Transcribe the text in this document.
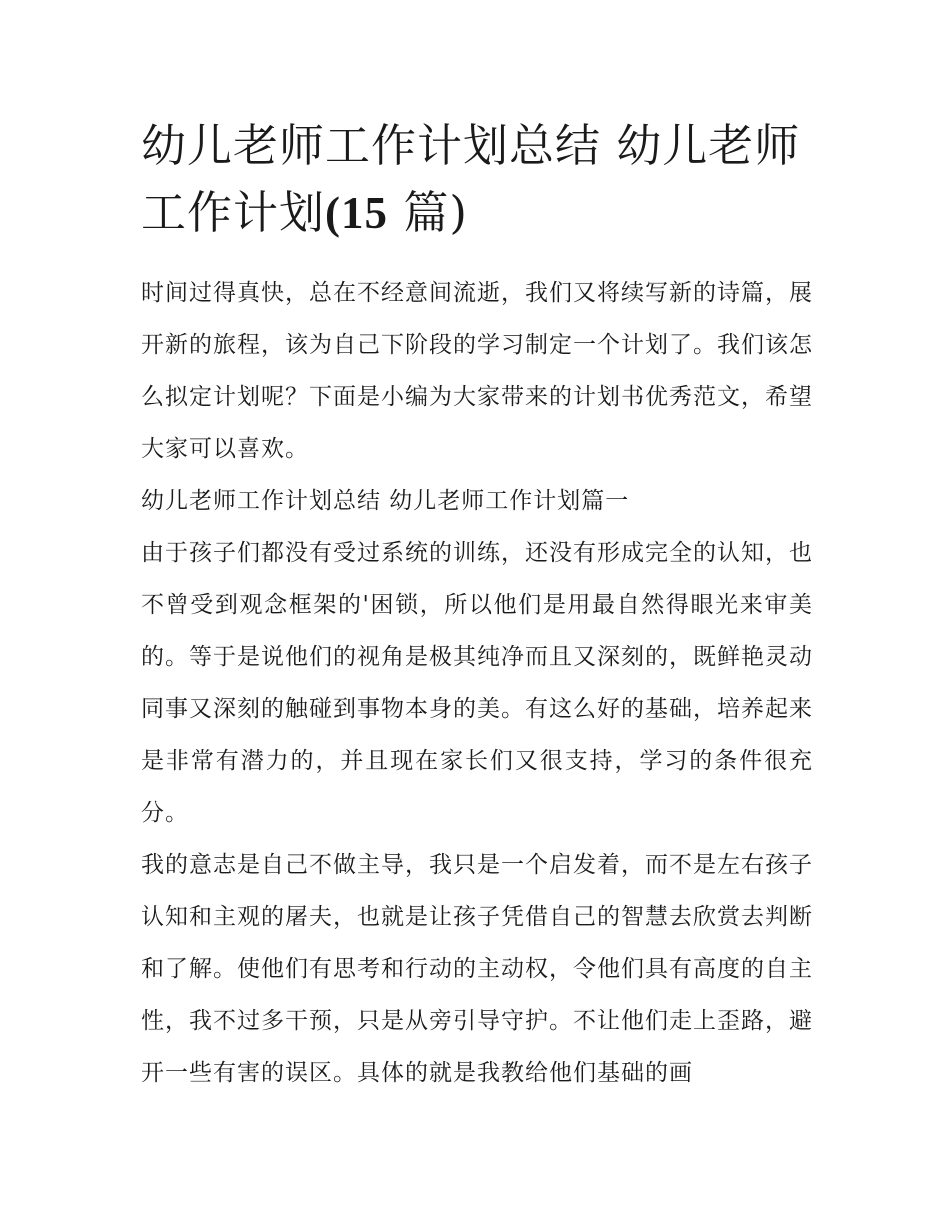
幼儿老师工作计划总结 幼儿老师工作计划(15 篇)

时间过得真快，总在不经意间流逝，我们又将续写新的诗篇，展开新的旅程，该为自己下阶段的学习制定一个计划了。我们该怎么拟定计划呢？下面是小编为大家带来的计划书优秀范文，希望大家可以喜欢。

幼儿老师工作计划总结 幼儿老师工作计划篇一

由于孩子们都没有受过系统的训练，还没有形成完全的认知，也不曾受到观念框架的'困锁，所以他们是用最自然得眼光来审美的。等于是说他们的视角是极其纯净而且又深刻的，既鲜艳灵动同事又深刻的触碰到事物本身的美。有这么好的基础，培养起来是非常有潜力的，并且现在家长们又很支持，学习的条件很充分。

我的意志是自己不做主导，我只是一个启发着，而不是左右孩子认知和主观的屠夫，也就是让孩子凭借自己的智慧去欣赏去判断和了解。使他们有思考和行动的主动权，令他们具有高度的自主性，我不过多干预，只是从旁引导守护。不让他们走上歪路，避开一些有害的误区。具体的就是我教给他们基础的画
